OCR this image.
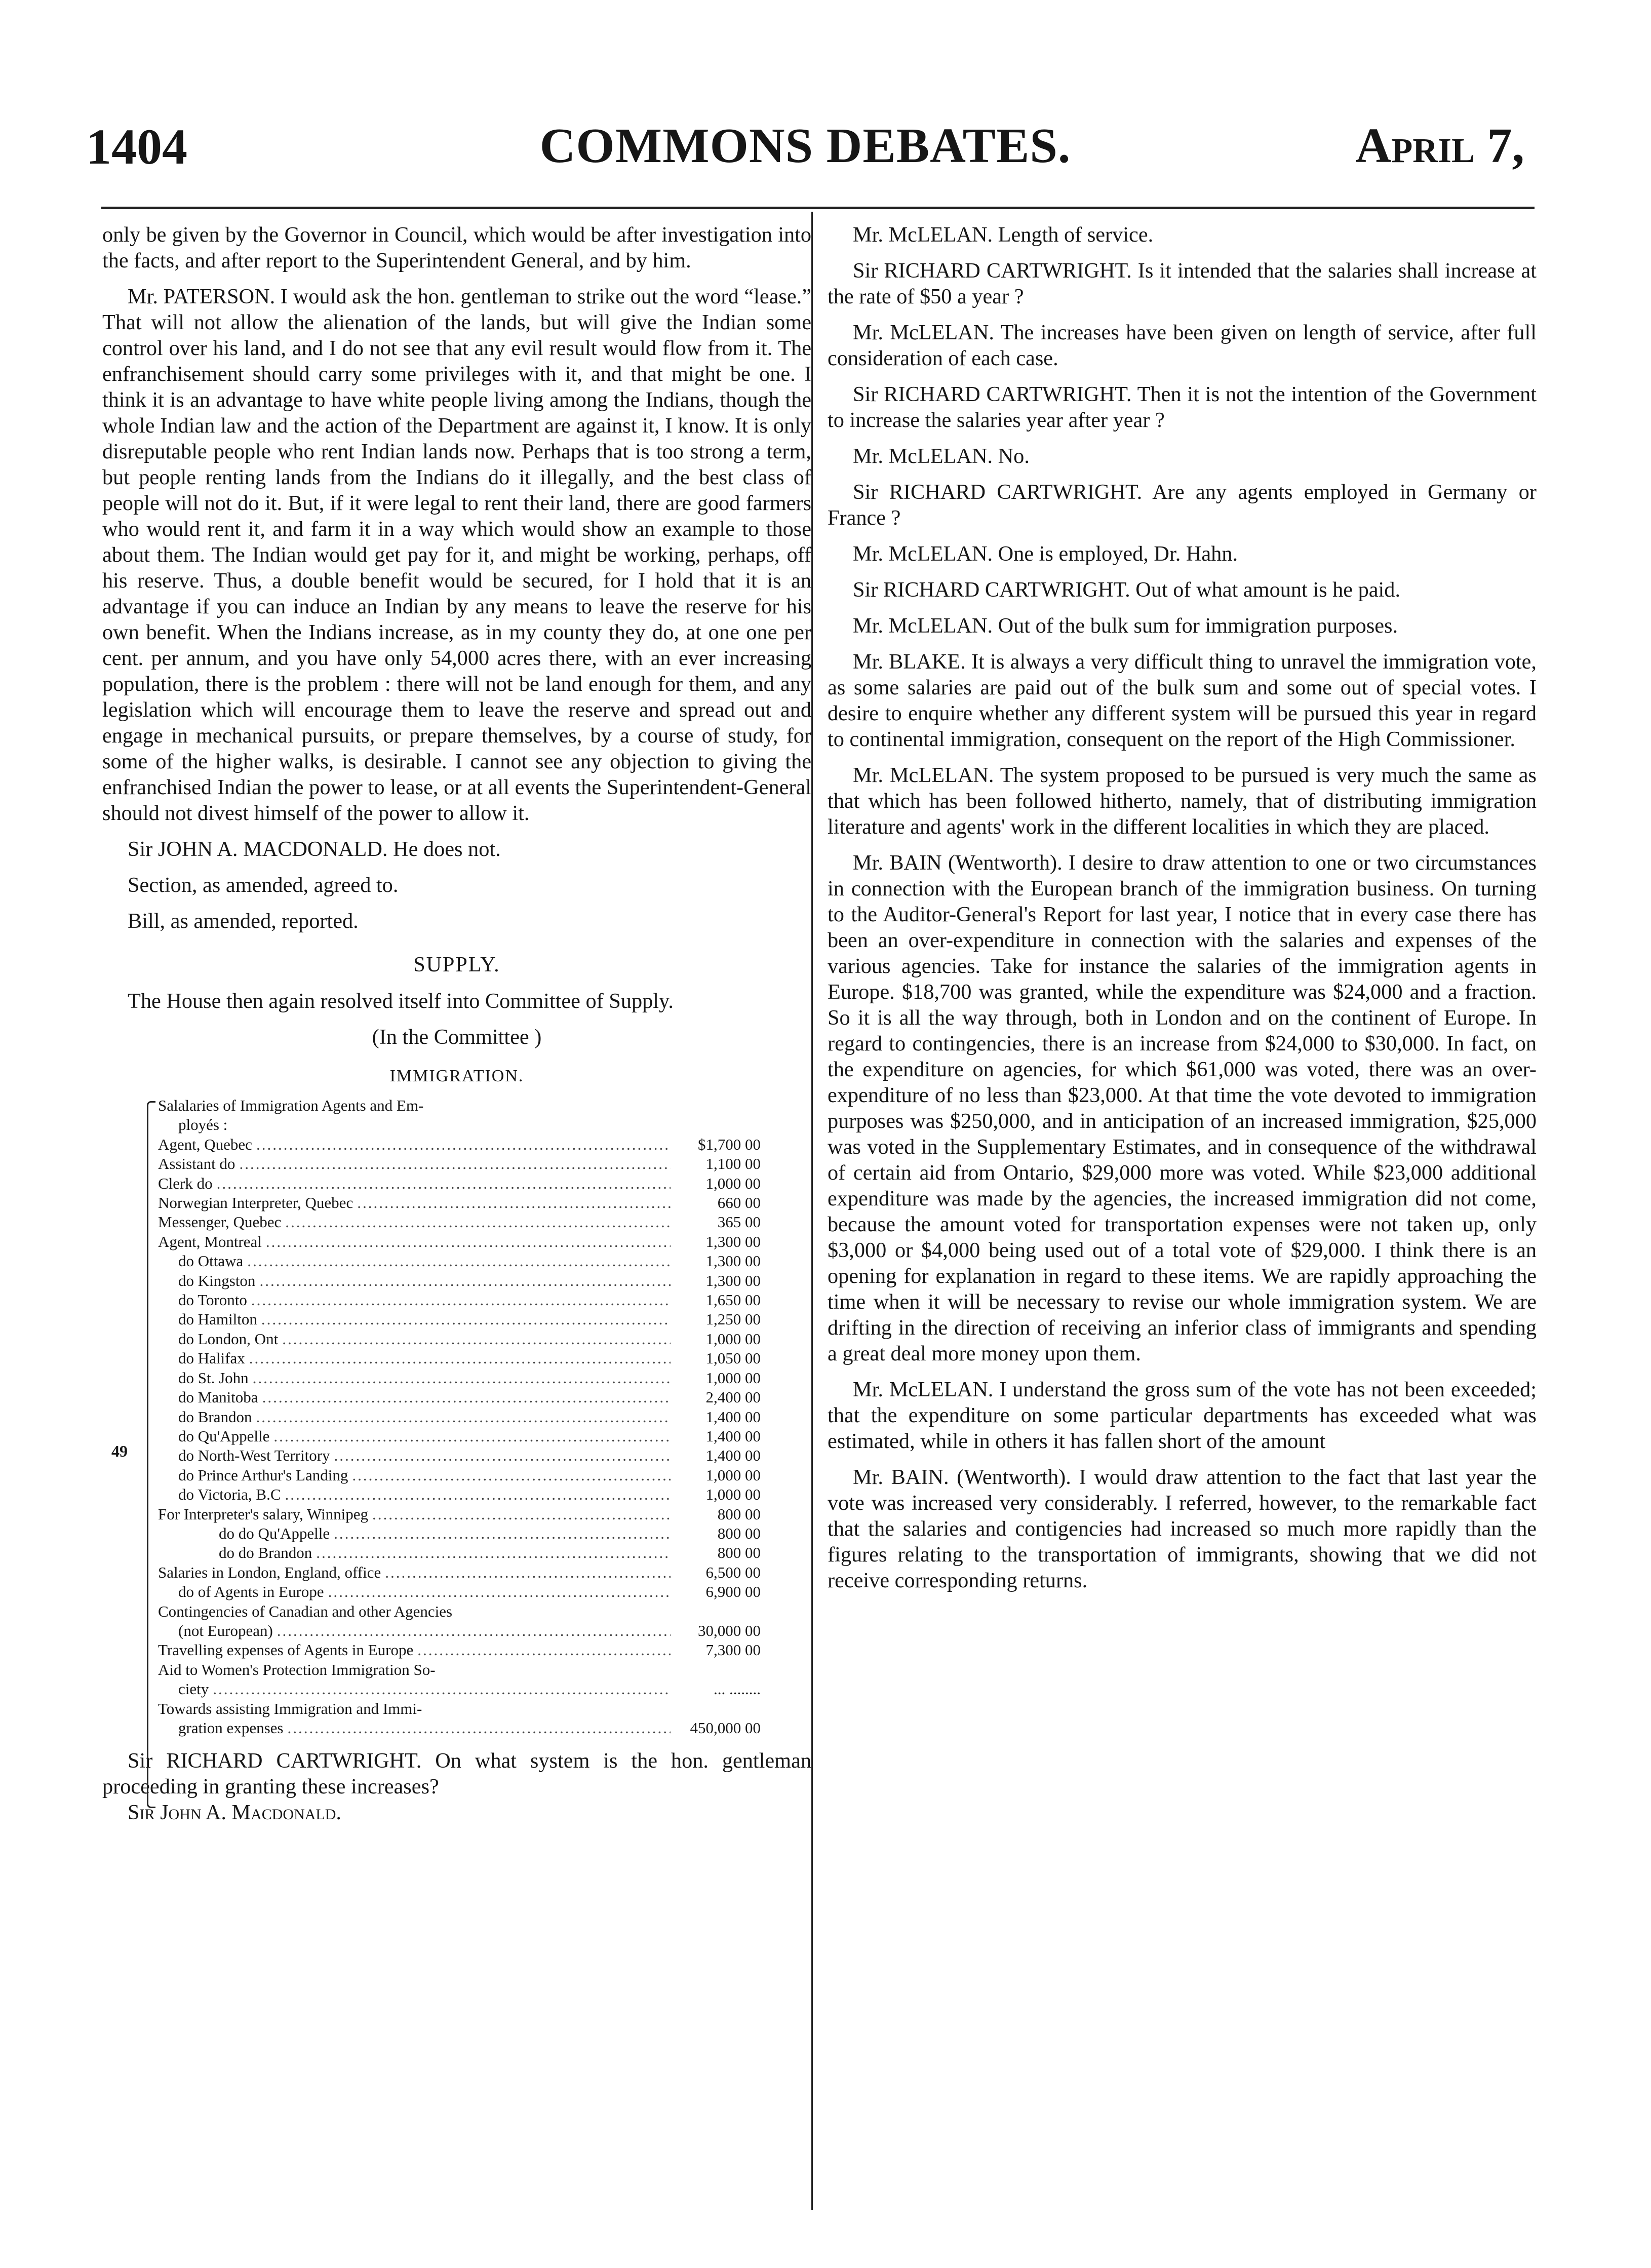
1404	COMMONS DEBATES.	April 7,

only be given by the Governor in Council, which would be after investigation into the facts, and after report to the Superintendent General, and by him.

Mr. PATERSON. I would ask the hon. gentleman to strike out the word “lease.” That will not allow the alienation of the lands, but will give the Indian some control over his land, and I do not see that any evil result would flow from it. The enfranchisement should carry some privileges with it, and that might be one. I think it is an advantage to have white people living among the Indians, though the whole Indian law and the action of the Department are against it, I know. It is only disreputable people who rent Indian lands now. Perhaps that is too strong a term, but people renting lands from the Indians do it illegally, and the best class of people will not do it. But, if it were legal to rent their land, there are good farmers who would rent it, and farm it in a way which would show an example to those about them. The Indian would get pay for it, and might be working, perhaps, off his reserve. Thus, a double benefit would be secured, for I hold that it is an advantage if you can induce an Indian by any means to leave the reserve for his own benefit. When the Indians increase, as in my county they do, at one one per cent. per annum, and you have only 54,000 acres there, with an ever increasing population, there is the problem : there will not be land enough for them, and any legislation which will encourage them to leave the reserve and spread out and engage in mechanical pursuits, or prepare themselves, by a course of study, for some of the higher walks, is desirable. I cannot see any objection to giving the enfranchised Indian the power to lease, or at all events the Superintendent-General should not divest himself of the power to allow it.

Sir JOHN A. MACDONALD. He does not.

Section, as amended, agreed to.

Bill, as amended, reported.

SUPPLY.

The House then again resolved itself into Committee of Supply.

(In the Committee )

IMMIGRATION.
49
Salalaries of Immigration Agents and Em-
ployés :
Agent, Quebec .....	$1,700 00
Assistant do .....	1,100 00
Clerk do .....	1,000 00
Norwegian Interpreter, Quebec .....	660 00
Messenger, Quebec .....	365 00
Agent, Montreal .....	1,300 00
do Ottawa .....	1,300 00
do Kingston .....	1,300 00
do Toronto .....	1,650 00
do Hamilton .....	1,250 00
do London, Ont .....	1,000 00
do Halifax .....	1,050 00
do St. John .....	1,000 00
do Manitoba .....	2,400 00
do Brandon .....	1,400 00
do Qu'Appelle .....	1,400 00
do North-West Territory .....	1,400 00
do Prince Arthur's Landing .....	1,000 00
do Victoria, B.C .....	1,000 00
For Interpreter's salary, Winnipeg .....	800 00
do do Qu'Appelle .....	800 00
do do Brandon .....	800 00
Salaries in London, England, office .....	6,500 00
do of Agents in Europe .....	6,900 00
Contingencies of Canadian and other Agencies
(not European) .....	30,000 00
Travelling expenses of Agents in Europe .....	7,300 00
Aid to Women's Protection Immigration So-
ciety .....	... ........
Towards assisting Immigration and Immi-
gration expenses .....	450,000 00

Sir RICHARD CARTWRIGHT. On what system is the hon. gentleman proceeding in granting these increases?

Sir John A. Macdonald.

Mr. McLELAN. Length of service.

Sir RICHARD CARTWRIGHT. Is it intended that the salaries shall increase at the rate of $50 a year ?

Mr. McLELAN. The increases have been given on length of service, after full consideration of each case.

Sir RICHARD CARTWRIGHT. Then it is not the intention of the Government to increase the salaries year after year ?

Mr. McLELAN. No.

Sir RICHARD CARTWRIGHT. Are any agents employed in Germany or France ?

Mr. McLELAN. One is employed, Dr. Hahn.

Sir RICHARD CARTWRIGHT. Out of what amount is he paid.

Mr. McLELAN. Out of the bulk sum for immigration purposes.

Mr. BLAKE. It is always a very difficult thing to unravel the immigration vote, as some salaries are paid out of the bulk sum and some out of special votes. I desire to enquire whether any different system will be pursued this year in regard to continental immigration, consequent on the report of the High Commissioner.

Mr. McLELAN. The system proposed to be pursued is very much the same as that which has been followed hitherto, namely, that of distributing immigration literature and agents' work in the different localities in which they are placed.

Mr. BAIN (Wentworth). I desire to draw attention to one or two circumstances in connection with the European branch of the immigration business. On turning to the Auditor-General's Report for last year, I notice that in every case there has been an over-expenditure in connection with the salaries and expenses of the various agencies. Take for instance the salaries of the immigration agents in Europe. $18,700 was granted, while the expenditure was $24,000 and a fraction. So it is all the way through, both in London and on the continent of Europe. In regard to contingencies, there is an increase from $24,000 to $30,000. In fact, on the expenditure on agencies, for which $61,000 was voted, there was an over-expenditure of no less than $23,000. At that time the vote devoted to immigration purposes was $250,000, and in anticipation of an increased immigration, $25,000 was voted in the Supplementary Estimates, and in consequence of the withdrawal of certain aid from Ontario, $29,000 more was voted. While $23,000 additional expenditure was made by the agencies, the increased immigration did not come, because the amount voted for transportation expenses were not taken up, only $3,000 or $4,000 being used out of a total vote of $29,000. I think there is an opening for explanation in regard to these items. We are rapidly approaching the time when it will be necessary to revise our whole immigration system. We are drifting in the direction of receiving an inferior class of immigrants and spending a great deal more money upon them.

Mr. McLELAN. I understand the gross sum of the vote has not been exceeded; that the expenditure on some particular departments has exceeded what was estimated, while in others it has fallen short of the amount

Mr. BAIN. (Wentworth). I would draw attention to the fact that last year the vote was increased very considerably. I referred, however, to the remarkable fact that the salaries and contigencies had increased so much more rapidly than the figures relating to the transportation of immigrants, showing that we did not receive corresponding returns.
